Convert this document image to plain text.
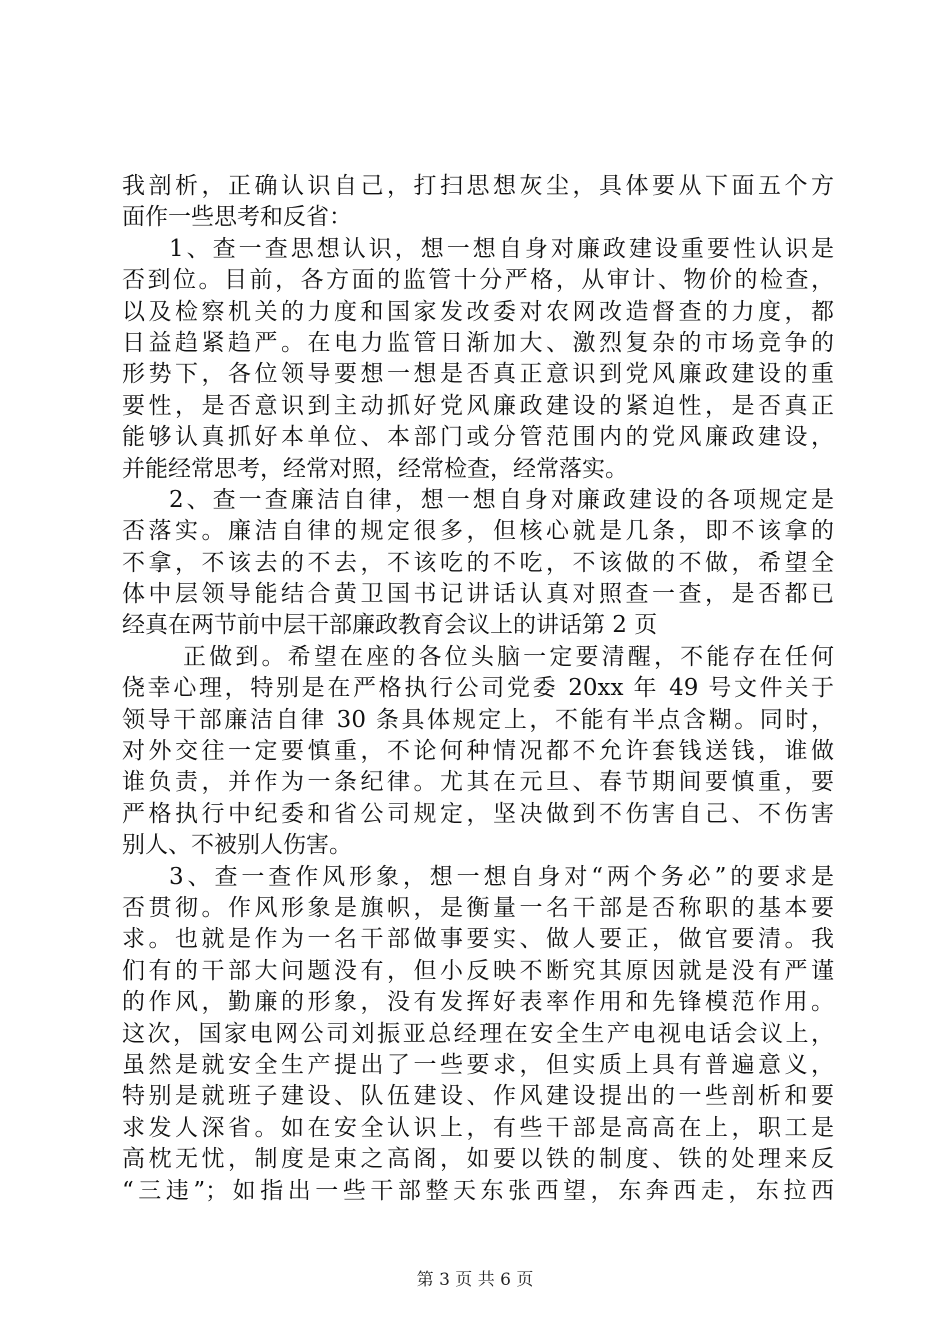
我剖析，正确认识自己，打扫思想灰尘，具体要从下面五个方
面作一些思考和反省：
1、查一查思想认识，想一想自身对廉政建设重要性认识是
否到位。目前，各方面的监管十分严格，从审计、物价的检查，
以及检察机关的力度和国家发改委对农网改造督查的力度，都
日益趋紧趋严。在电力监管日渐加大、激烈复杂的市场竞争的
形势下，各位领导要想一想是否真正意识到党风廉政建设的重
要性，是否意识到主动抓好党风廉政建设的紧迫性，是否真正
能够认真抓好本单位、本部门或分管范围内的党风廉政建设，
并能经常思考，经常对照，经常检查，经常落实。
2、查一查廉洁自律，想一想自身对廉政建设的各项规定是
否落实。廉洁自律的规定很多，但核心就是几条，即不该拿的
不拿，不该去的不去，不该吃的不吃，不该做的不做，希望全
体中层领导能结合黄卫国书记讲话认真对照查一查，是否都已
经真在两节前中层干部廉政教育会议上的讲话第 2 页
正做到。希望在座的各位头脑一定要清醒，不能存在任何
侥幸心理，特别是在严格执行公司党委 20xx 年 49 号文件关于
领导干部廉洁自律 30 条具体规定上，不能有半点含糊。同时，
对外交往一定要慎重，不论何种情况都不允许套钱送钱，谁做
谁负责，并作为一条纪律。尤其在元旦、春节期间要慎重，要
严格执行中纪委和省公司规定，坚决做到不伤害自己、不伤害
别人、不被别人伤害。
3、查一查作风形象，想一想自身对“两个务必”的要求是
否贯彻。作风形象是旗帜，是衡量一名干部是否称职的基本要
求。也就是作为一名干部做事要实、做人要正，做官要清。我
们有的干部大问题没有，但小反映不断究其原因就是没有严谨
的作风，勤廉的形象，没有发挥好表率作用和先锋模范作用。
这次，国家电网公司刘振亚总经理在安全生产电视电话会议上，
虽然是就安全生产提出了一些要求，但实质上具有普遍意义，
特别是就班子建设、队伍建设、作风建设提出的一些剖析和要
求发人深省。如在安全认识上，有些干部是高高在上，职工是
高枕无忧，制度是束之高阁，如要以铁的制度、铁的处理来反
“三违”；如指出一些干部整天东张西望，东奔西走，东拉西
第 3 页 共 6 页
